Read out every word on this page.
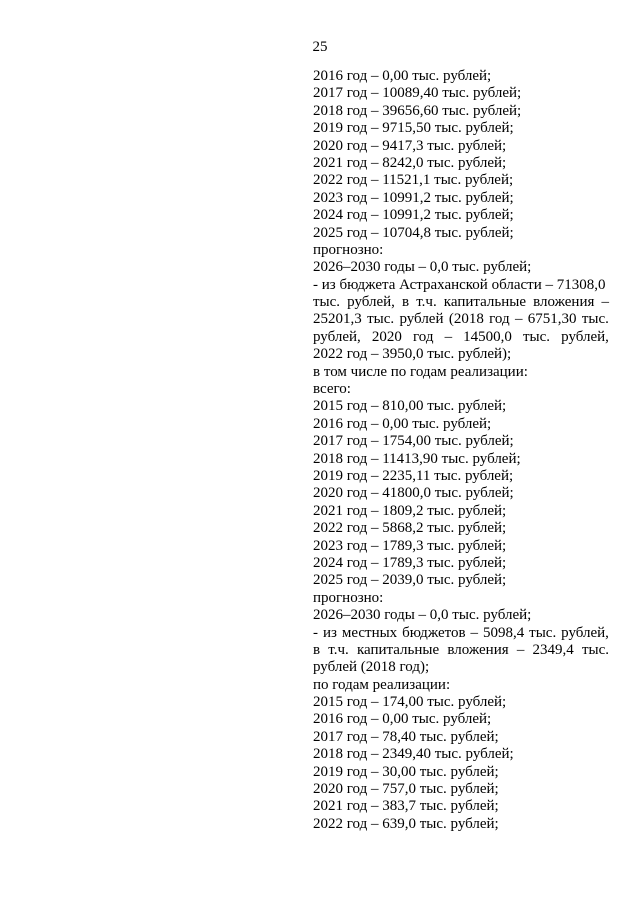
25
2016 год – 0,00 тыс. рублей;
2017 год – 10089,40 тыс. рублей;
2018 год – 39656,60 тыс. рублей;
2019 год – 9715,50 тыс. рублей;
2020 год – 9417,3 тыс. рублей;
2021 год – 8242,0 тыс. рублей;
2022 год – 11521,1 тыс. рублей;
2023 год – 10991,2 тыс. рублей;
2024 год – 10991,2 тыс. рублей;
2025 год – 10704,8 тыс. рублей;
прогнозно:
2026–2030 годы – 0,0 тыс. рублей;
- из бюджета Астраханской области – 71308,0
тыс. рублей, в т.ч. капитальные вложения –
25201,3 тыс. рублей (2018 год – 6751,30 тыс.
рублей, 2020 год – 14500,0 тыс. рублей,
2022 год – 3950,0 тыс. рублей);
в том числе по годам реализации:
всего:
2015 год – 810,00 тыс. рублей;
2016 год – 0,00 тыс. рублей;
2017 год – 1754,00 тыс. рублей;
2018 год – 11413,90 тыс. рублей;
2019 год – 2235,11 тыс. рублей;
2020 год – 41800,0 тыс. рублей;
2021 год – 1809,2 тыс. рублей;
2022 год – 5868,2 тыс. рублей;
2023 год – 1789,3 тыс. рублей;
2024 год – 1789,3 тыс. рублей;
2025 год – 2039,0 тыс. рублей;
прогнозно:
2026–2030 годы – 0,0 тыс. рублей;
- из местных бюджетов – 5098,4 тыс. рублей,
в т.ч. капитальные вложения – 2349,4 тыс.
рублей (2018 год);
по годам реализации:
2015 год – 174,00 тыс. рублей;
2016 год – 0,00 тыс. рублей;
2017 год – 78,40 тыс. рублей;
2018 год – 2349,40 тыс. рублей;
2019 год – 30,00 тыс. рублей;
2020 год – 757,0 тыс. рублей;
2021 год – 383,7 тыс. рублей;
2022 год – 639,0 тыс. рублей;
